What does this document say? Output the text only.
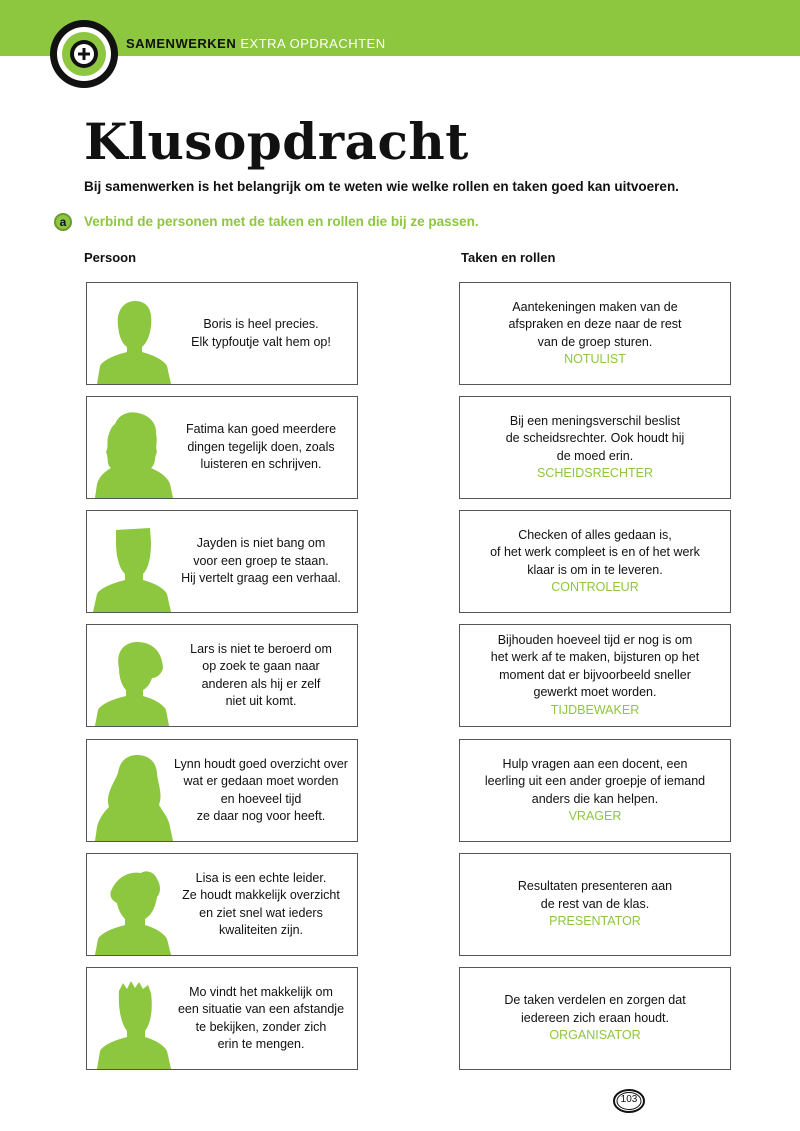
SAMENWERKEN EXTRA OPDRACHTEN
Klusopdracht
Bij samenwerken is het belangrijk om te weten wie welke rollen en taken goed kan uitvoeren.
a	Verbind de personen met de taken en rollen die bij ze passen.
Persoon	Taken en rollen
Boris is heel precies.
Elk typfoutje valt hem op!
Fatima kan goed meerdere
dingen tegelijk doen, zoals
luisteren en schrijven.
Jayden is niet bang om
voor een groep te staan.
Hij vertelt graag een verhaal.
Lars is niet te beroerd om
op zoek te gaan naar
anderen als hij er zelf
niet uit komt.
Lynn houdt goed overzicht over
wat er gedaan moet worden
en hoeveel tijd
ze daar nog voor heeft.
Lisa is een echte leider.
Ze houdt makkelijk overzicht
en ziet snel wat ieders
kwaliteiten zijn.
Mo vindt het makkelijk om
een situatie van een afstandje
te bekijken, zonder zich
erin te mengen.
Aantekeningen maken van de
afspraken en deze naar de rest
van de groep sturen.
NOTULIST
Bij een meningsverschil beslist
de scheidsrechter. Ook houdt hij
de moed erin.
SCHEIDSRECHTER
Checken of alles gedaan is,
of het werk compleet is en of het werk
klaar is om in te leveren.
CONTROLEUR
Bijhouden hoeveel tijd er nog is om
het werk af te maken, bijsturen op het
moment dat er bijvoorbeeld sneller
gewerkt moet worden.
TIJDBEWAKER
Hulp vragen aan een docent, een
leerling uit een ander groepje of iemand
anders die kan helpen.
VRAGER
Resultaten presenteren aan
de rest van de klas.
PRESENTATOR
De taken verdelen en zorgen dat
iedereen zich eraan houdt.
ORGANISATOR
103
